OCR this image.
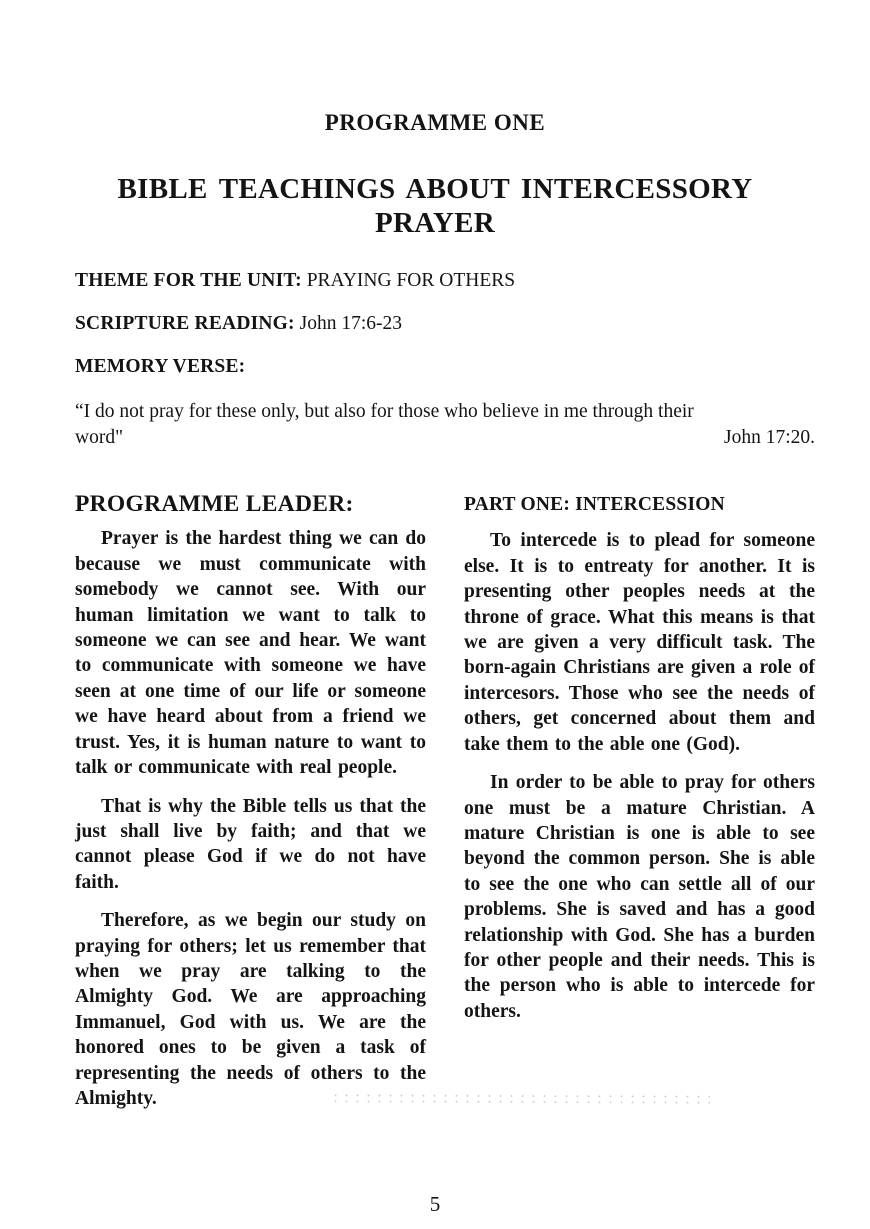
PROGRAMME ONE
BIBLE TEACHINGS ABOUT INTERCESSORY PRAYER

THEME FOR THE UNIT: PRAYING FOR OTHERS

SCRIPTURE READING: John 17:6-23

MEMORY VERSE:

“I do not pray for these only, but also for those who believe in me through their

word"	John 17:20.

PROGRAMME LEADER:

Prayer is the hardest thing we can do because we must communicate with somebody we cannot see. With our human limitation we want to talk to someone we can see and hear. We want to communicate with someone we have seen at one time of our life or someone we have heard about from a friend we trust. Yes, it is human nature to want to talk or communicate with real people.

That is why the Bible tells us that the just shall live by faith; and that we cannot please God if we do not have faith.

Therefore, as we begin our study on praying for others; let us remember that when we pray are talking to the Almighty God. We are approaching Immanuel, God with us. We are the honored ones to be given a task of representing the needs of others to the Almighty.

PART ONE: INTERCESSION

To intercede is to plead for someone else. It is to entreaty for another. It is presenting other peoples needs at the throne of grace. What this means is that we are given a very difficult task. The born-again Christians are given a role of intercesors. Those who see the needs of others, get concerned about them and take them to the able one (God).

In order to be able to pray for others one must be a mature Christian. A mature Christian is one is able to see beyond the common person. She is able to see the one who can settle all of our problems. She is saved and has a good relationship with God. She has a burden for other people and their needs. This is the person who is able to intercede for others.

5
